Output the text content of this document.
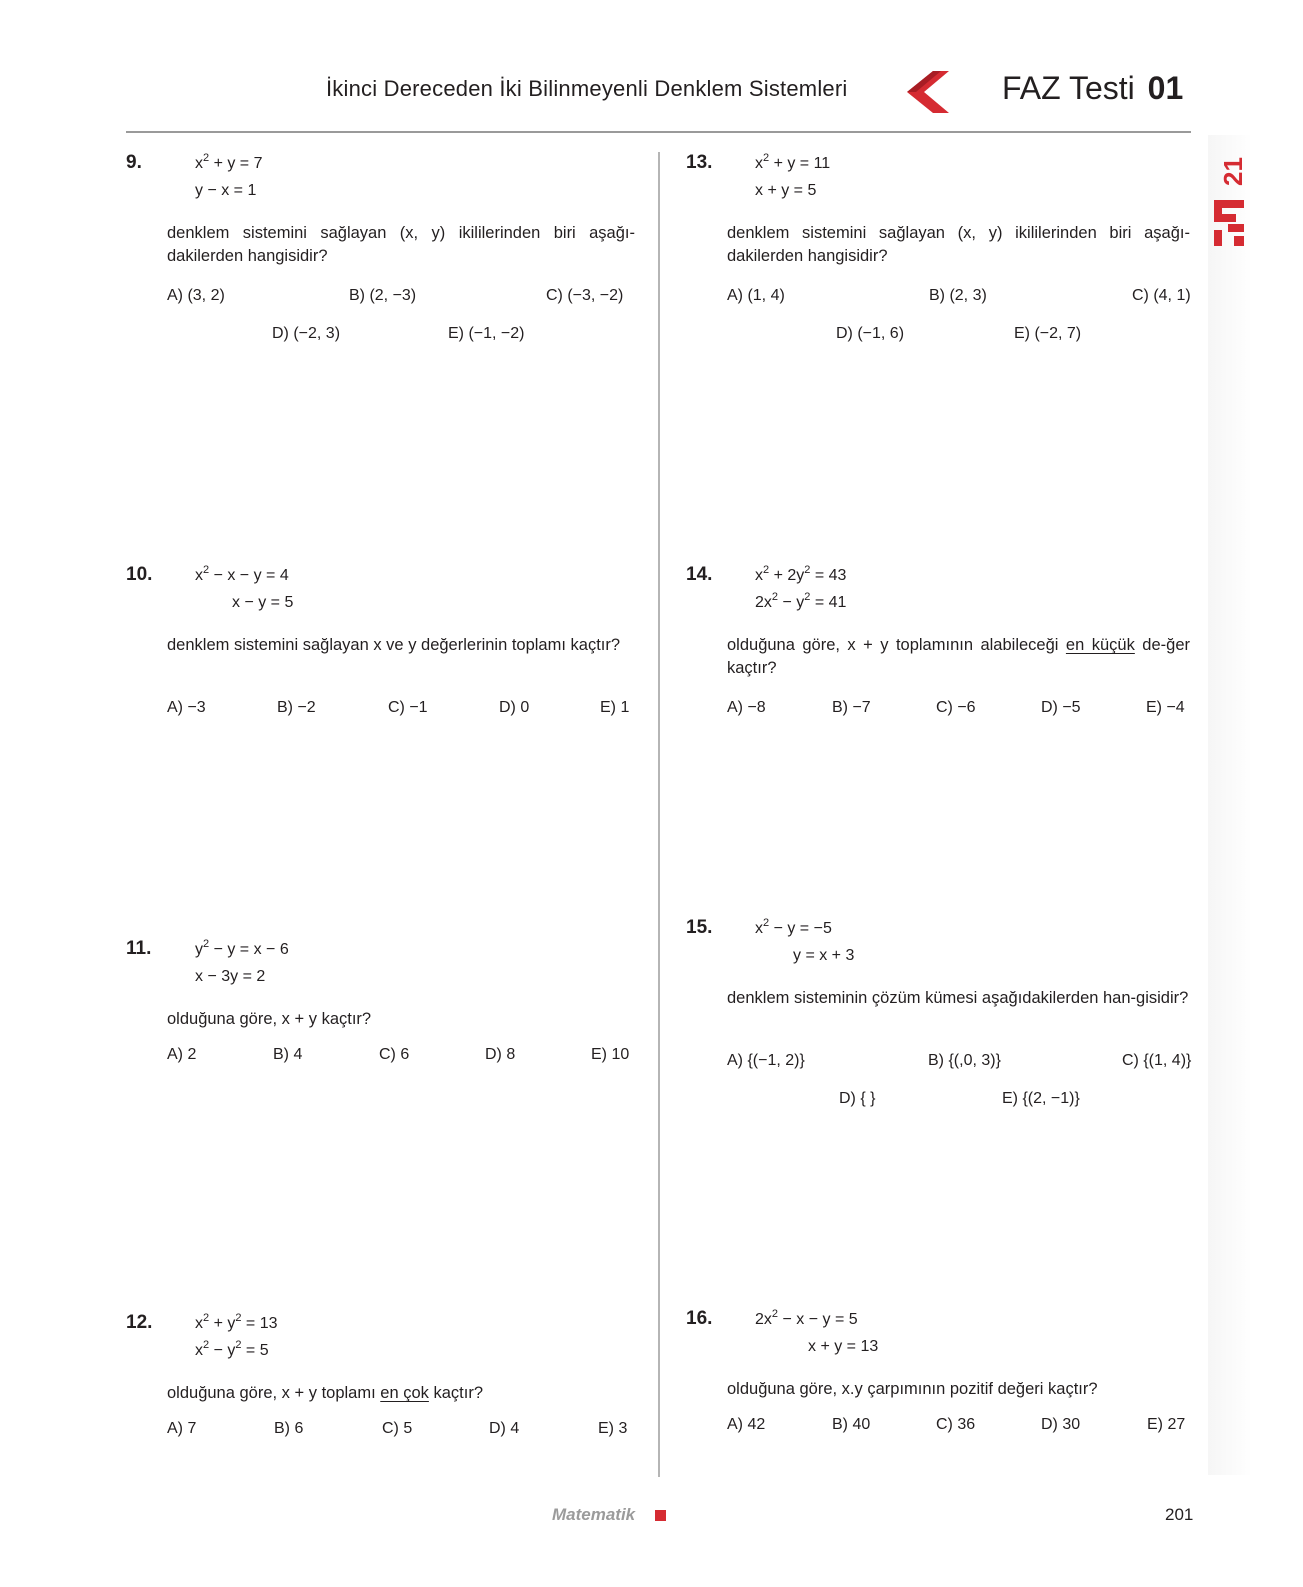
İkinci Dereceden İki Bilinmeyenli Denklem Sistemleri	FAZ Testi 01
21
9.	$x^2 + y = 7$
y − x = 1
denklem sistemini sağlayan (x, y) ikililerinden biri aşağı-dakilerden hangisidir?
A) (3, 2)	B) (2, −3)	C) (−3, −2)
D) (−2, 3)	E) (−1, −2)
10.	$x^2 - x - y = 4$
x − y = 5
denklem sistemini sağlayan x ve y değerlerinin toplamı kaçtır?
A) −3	B) −2	C) −1	D) 0	E) 1
11.	$y^2 - y = x - 6$
x − 3y = 2
olduğuna göre, x + y kaçtır?
A) 2	B) 4	C) 6	D) 8	E) 10
12.	$x^2 + y^2 = 13$
$x^2 - y^2 = 5$
olduğuna göre, x + y toplamı en çok kaçtır?
A) 7	B) 6	C) 5	D) 4	E) 3
13.	$x^2 + y = 11$
x + y = 5
denklem sistemini sağlayan (x, y) ikililerinden biri aşağı-dakilerden hangisidir?
A) (1, 4)	B) (2, 3)	C) (4, 1)
D) (−1, 6)	E) (−2, 7)
14.	$x^2 + 2y^2 = 43$
$2x^2 - y^2 = 41$
olduğuna göre, x + y toplamının alabileceği en küçük de-ğer kaçtır?
A) −8	B) −7	C) −6	D) −5	E) −4
15.	$x^2 - y = -5$
y = x + 3
denklem sisteminin çözüm kümesi aşağıdakilerden han-gisidir?
A) {(−1, 2)}	B) {(,0, 3)}	C) {(1, 4)}
D) { }	E) {(2, −1)}
16.	$2x^2 - x - y = 5$
x + y = 13
olduğuna göre, x.y çarpımının pozitif değeri kaçtır?
A) 42	B) 40	C) 36	D) 30	E) 27
Matematik	201
